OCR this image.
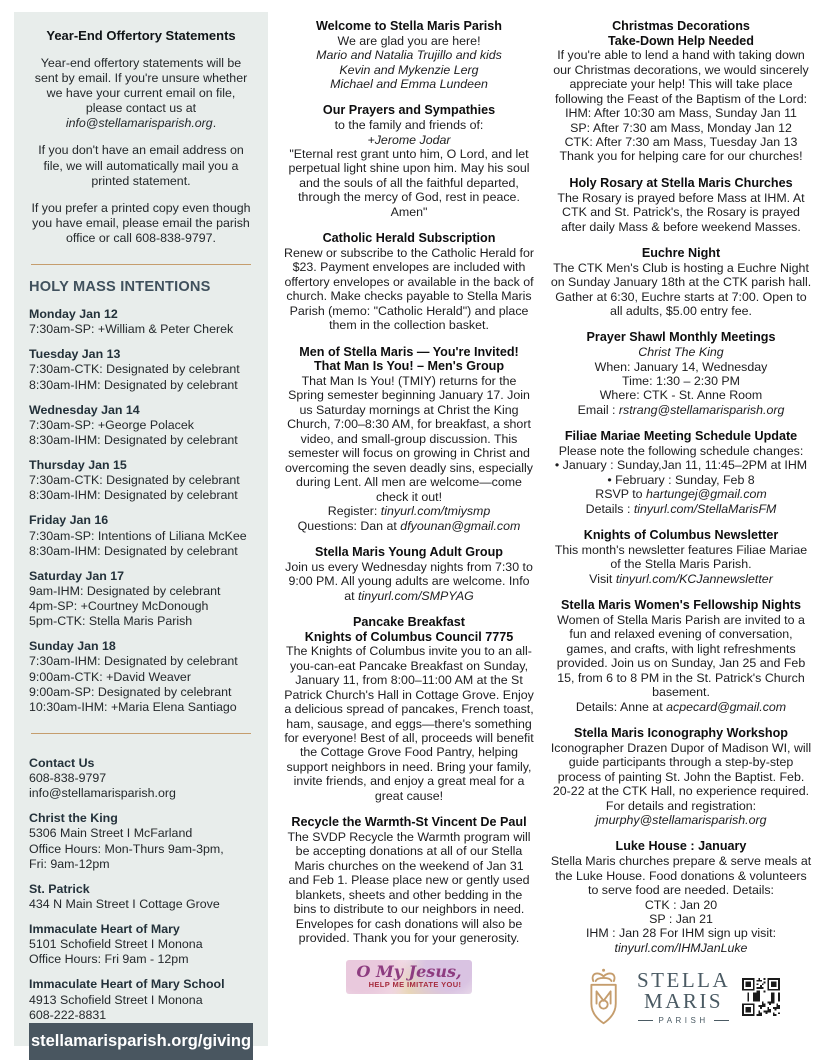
Year-End Offertory Statements
Year-end offertory statements will be sent by email. If you're unsure whether we have your current email on file, please contact us at info@stellamarisparish.org.
If you don't have an email address on file, we will automatically mail you a printed statement.
If you prefer a printed copy even though you have email, please email the parish office or call 608-838-9797.
HOLY MASS INTENTIONS
Monday Jan 12
7:30am-SP: +William & Peter Cherek
Tuesday Jan 13
7:30am-CTK: Designated by celebrant
8:30am-IHM: Designated by celebrant
Wednesday Jan 14
7:30am-SP: +George Polacek
8:30am-IHM: Designated by celebrant
Thursday Jan 15
7:30am-CTK: Designated by celebrant
8:30am-IHM: Designated by celebrant
Friday Jan 16
7:30am-SP: Intentions of Liliana McKee
8:30am-IHM: Designated by celebrant
Saturday Jan 17
9am-IHM: Designated by celebrant
4pm-SP: +Courtney McDonough
5pm-CTK: Stella Maris Parish
Sunday Jan 18
7:30am-IHM: Designated by celebrant
9:00am-CTK: +David Weaver
9:00am-SP: Designated by celebrant
10:30am-IHM: +Maria Elena Santiago
Contact Us
608-838-9797
info@stellamarisparish.org
Christ the King
5306 Main Street I McFarland
Office Hours: Mon-Thurs 9am-3pm,
Fri: 9am-12pm
St. Patrick
434 N Main Street I Cottage Grove
Immaculate Heart of Mary
5101 Schofield Street I Monona
Office Hours: Fri 9am - 12pm
Immaculate Heart of Mary School
4913 Schofield Street I Monona
608-222-8831
stellamarisparish.org/giving
Welcome to Stella Maris Parish
We are glad you are here!
Mario and Natalia Trujillo and kids
Kevin and Mykenzie Lerg
Michael and Emma Lundeen
Our Prayers and Sympathies
to the family and friends of:
+Jerome Jodar
"Eternal rest grant unto him, O Lord, and let perpetual light shine upon him. May his soul and the souls of all the faithful departed, through the mercy of God, rest in peace. Amen"
Catholic Herald Subscription
Renew or subscribe to the Catholic Herald for $23. Payment envelopes are included with offertory envelopes or available in the back of church. Make checks payable to Stella Maris Parish (memo: "Catholic Herald") and place them in the collection basket.
Men of Stella Maris — You're Invited!
That Man Is You! – Men's Group
That Man Is You! (TMIY) returns for the Spring semester beginning January 17. Join us Saturday mornings at Christ the King Church, 7:00–8:30 AM, for breakfast, a short video, and small-group discussion. This semester will focus on growing in Christ and overcoming the seven deadly sins, especially during Lent. All men are welcome—come check it out!
Register: tinyurl.com/tmiysmp
Questions: Dan at dfyounan@gmail.com
Stella Maris Young Adult Group
Join us every Wednesday nights from 7:30 to 9:00 PM. All young adults are welcome. Info at tinyurl.com/SMPYAG
Pancake Breakfast
Knights of Columbus Council 7775
The Knights of Columbus invite you to an all-you-can-eat Pancake Breakfast on Sunday, January 11, from 8:00–11:00 AM at the St Patrick Church's Hall in Cottage Grove. Enjoy a delicious spread of pancakes, French toast, ham, sausage, and eggs—there's something for everyone! Best of all, proceeds will benefit the Cottage Grove Food Pantry, helping support neighbors in need. Bring your family, invite friends, and enjoy a great meal for a great cause!
Recycle the Warmth-St Vincent De Paul
The SVDP Recycle the Warmth program will be accepting donations at all of our Stella Maris churches on the weekend of Jan 31 and Feb 1. Please place new or gently used blankets, sheets and other bedding in the bins to distribute to our neighbors in need. Envelopes for cash donations will also be provided. Thank you for your generosity.
O My Jesus,
HELP ME IMITATE YOU!
Christmas Decorations
Take-Down Help Needed
If you're able to lend a hand with taking down our Christmas decorations, we would sincerely appreciate your help! This will take place following the Feast of the Baptism of the Lord:
IHM: After 10:30 am Mass, Sunday Jan 11
SP: After 7:30 am Mass, Monday Jan 12
CTK: After 7:30 am Mass, Tuesday Jan 13
Thank you for helping care for our churches!
Holy Rosary at Stella Maris Churches
The Rosary is prayed before Mass at IHM. At CTK and St. Patrick's, the Rosary is prayed after daily Mass & before weekend Masses.
Euchre Night
The CTK Men's Club is hosting a Euchre Night on Sunday January 18th at the CTK parish hall. Gather at 6:30, Euchre starts at 7:00. Open to all adults, $5.00 entry fee.
Prayer Shawl Monthly Meetings
Christ The King
When: January 14, Wednesday
Time: 1:30 – 2:30 PM
Where: CTK - St. Anne Room
Email : rstrang@stellamarisparish.org
Filiae Mariae Meeting Schedule Update
Please note the following schedule changes:
• January : Sunday,Jan 11, 11:45–2PM at IHM
• February : Sunday, Feb 8
RSVP to hartungej@gmail.com
Details : tinyurl.com/StellaMarisFM
Knights of Columbus Newsletter
This month's newsletter features Filiae Mariae of the Stella Maris Parish.
Visit tinyurl.com/KCJannewsletter
Stella Maris Women's Fellowship Nights
Women of Stella Maris Parish are invited to a fun and relaxed evening of conversation, games, and crafts, with light refreshments provided. Join us on Sunday, Jan 25 and Feb 15, from 6 to 8 PM in the St. Patrick's Church basement.
Details: Anne at acpecard@gmail.com
Stella Maris Iconography Workshop
Iconographer Drazen Dupor of Madison WI, will guide participants through a step-by-step process of painting St. John the Baptist. Feb. 20-22 at the CTK Hall, no experience required. For details and registration: jmurphy@stellamarisparish.org
Luke House : January
Stella Maris churches prepare & serve meals at the Luke House. Food donations & volunteers to serve food are needed. Details:
CTK : Jan 20
SP : Jan 21
IHM : Jan 28 For IHM sign up visit:
tinyurl.com/IHMJanLuke
STELLA
MARIS
PARISH
